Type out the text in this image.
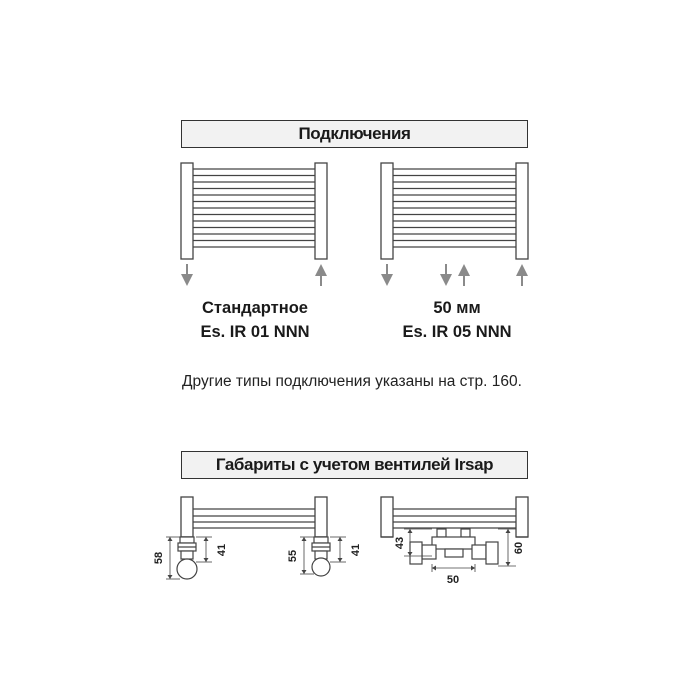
Подключения
Стандартное
Es. IR 01 NNN
50 мм
Es. IR 05 NNN
Другие типы подключения указаны на стр. 160.
Габариты с учетом вентилей Irsap
58
41	55	41
43	60
50
